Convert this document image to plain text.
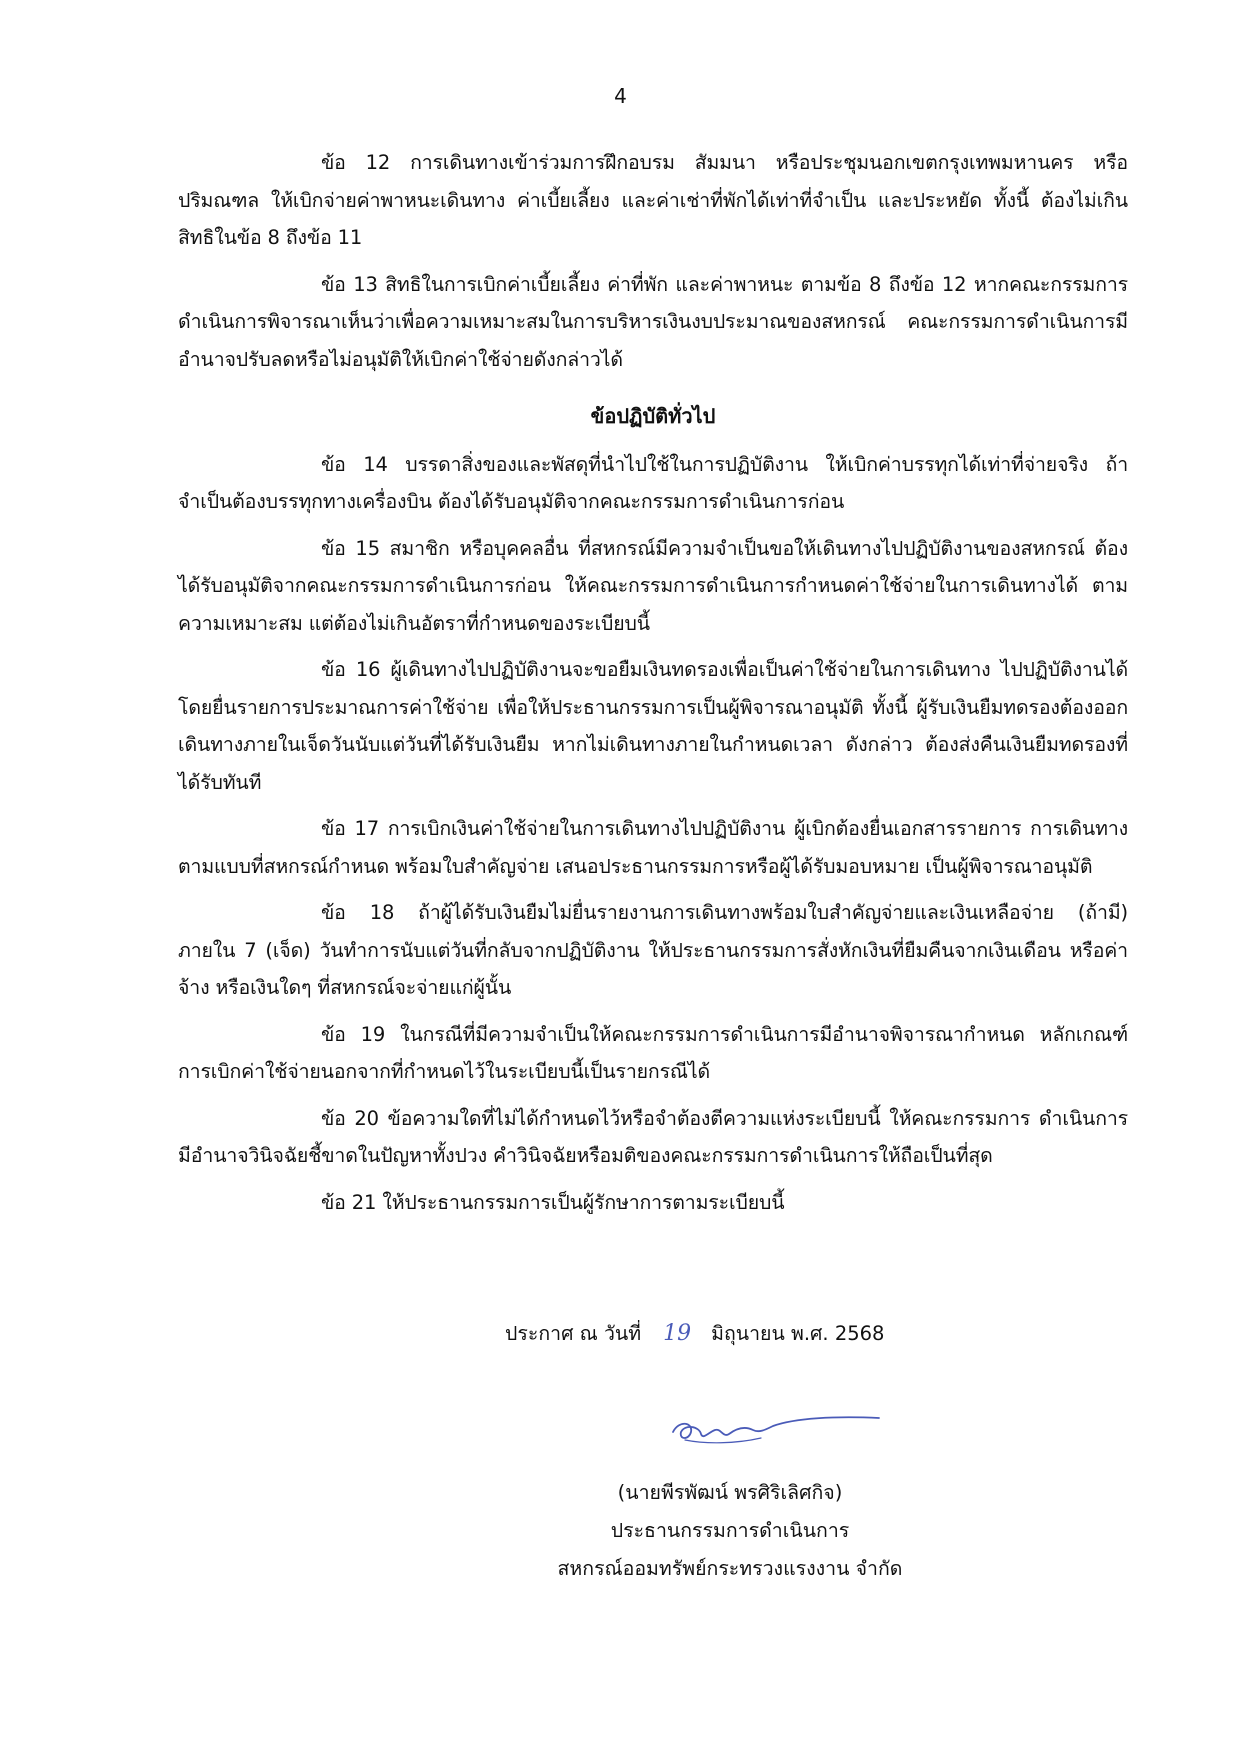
4

ข้อ 12 การเดินทางเข้าร่วมการฝึกอบรม สัมมนา หรือประชุมนอกเขตกรุงเทพมหานคร หรือปริมณฑล ให้เบิกจ่ายค่าพาหนะเดินทาง ค่าเบี้ยเลี้ยง และค่าเช่าที่พักได้เท่าที่จำเป็น และประหยัด ทั้งนี้ ต้องไม่เกินสิทธิในข้อ 8 ถึงข้อ 11

ข้อ 13 สิทธิในการเบิกค่าเบี้ยเลี้ยง ค่าที่พัก และค่าพาหนะ ตามข้อ 8 ถึงข้อ 12 หากคณะกรรมการดำเนินการพิจารณาเห็นว่าเพื่อความเหมาะสมในการบริหารเงินงบประมาณของสหกรณ์ คณะกรรมการดำเนินการมีอำนาจปรับลดหรือไม่อนุมัติให้เบิกค่าใช้จ่ายดังกล่าวได้

ข้อปฏิบัติทั่วไป

ข้อ 14 บรรดาสิ่งของและพัสดุที่นำไปใช้ในการปฏิบัติงาน ให้เบิกค่าบรรทุกได้เท่าที่จ่ายจริง ถ้าจำเป็นต้องบรรทุกทางเครื่องบิน ต้องได้รับอนุมัติจากคณะกรรมการดำเนินการก่อน

ข้อ 15 สมาชิก หรือบุคคลอื่น ที่สหกรณ์มีความจำเป็นขอให้เดินทางไปปฏิบัติงานของสหกรณ์ ต้องได้รับอนุมัติจากคณะกรรมการดำเนินการก่อน ให้คณะกรรมการดำเนินการกำหนดค่าใช้จ่ายในการเดินทางได้ ตามความเหมาะสม แต่ต้องไม่เกินอัตราที่กำหนดของระเบียบนี้

ข้อ 16 ผู้เดินทางไปปฏิบัติงานจะขอยืมเงินทดรองเพื่อเป็นค่าใช้จ่ายในการเดินทาง ไปปฏิบัติงานได้ โดยยื่นรายการประมาณการค่าใช้จ่าย เพื่อให้ประธานกรรมการเป็นผู้พิจารณาอนุมัติ ทั้งนี้ ผู้รับเงินยืมทดรองต้องออกเดินทางภายในเจ็ดวันนับแต่วันที่ได้รับเงินยืม หากไม่เดินทางภายในกำหนดเวลา ดังกล่าว ต้องส่งคืนเงินยืมทดรองที่ได้รับทันที

ข้อ 17 การเบิกเงินค่าใช้จ่ายในการเดินทางไปปฏิบัติงาน ผู้เบิกต้องยื่นเอกสารรายการ การเดินทางตามแบบที่สหกรณ์กำหนด พร้อมใบสำคัญจ่าย เสนอประธานกรรมการหรือผู้ได้รับมอบหมาย เป็นผู้พิจารณาอนุมัติ

ข้อ 18 ถ้าผู้ได้รับเงินยืมไม่ยื่นรายงานการเดินทางพร้อมใบสำคัญจ่ายและเงินเหลือจ่าย (ถ้ามี) ภายใน 7 (เจ็ด) วันทำการนับแต่วันที่กลับจากปฏิบัติงาน ให้ประธานกรรมการสั่งหักเงินที่ยืมคืนจากเงินเดือน หรือค่าจ้าง หรือเงินใดๆ ที่สหกรณ์จะจ่ายแก่ผู้นั้น

ข้อ 19 ในกรณีที่มีความจำเป็นให้คณะกรรมการดำเนินการมีอำนาจพิจารณากำหนด หลักเกณฑ์การเบิกค่าใช้จ่ายนอกจากที่กำหนดไว้ในระเบียบนี้เป็นรายกรณีได้

ข้อ 20 ข้อความใดที่ไม่ได้กำหนดไว้หรือจำต้องตีความแห่งระเบียบนี้ ให้คณะกรรมการ ดำเนินการ มีอำนาจวินิจฉัยชี้ขาดในปัญหาทั้งปวง คำวินิจฉัยหรือมติของคณะกรรมการดำเนินการให้ถือเป็นที่สุด

ข้อ 21 ให้ประธานกรรมการเป็นผู้รักษาการตามระเบียบนี้

ประกาศ ณ วันที่ 19 มิถุนายน พ.ศ. 2568
(นายพีรพัฒน์ พรศิริเลิศกิจ)
ประธานกรรมการดำเนินการ
สหกรณ์ออมทรัพย์กระทรวงแรงงาน จำกัด
